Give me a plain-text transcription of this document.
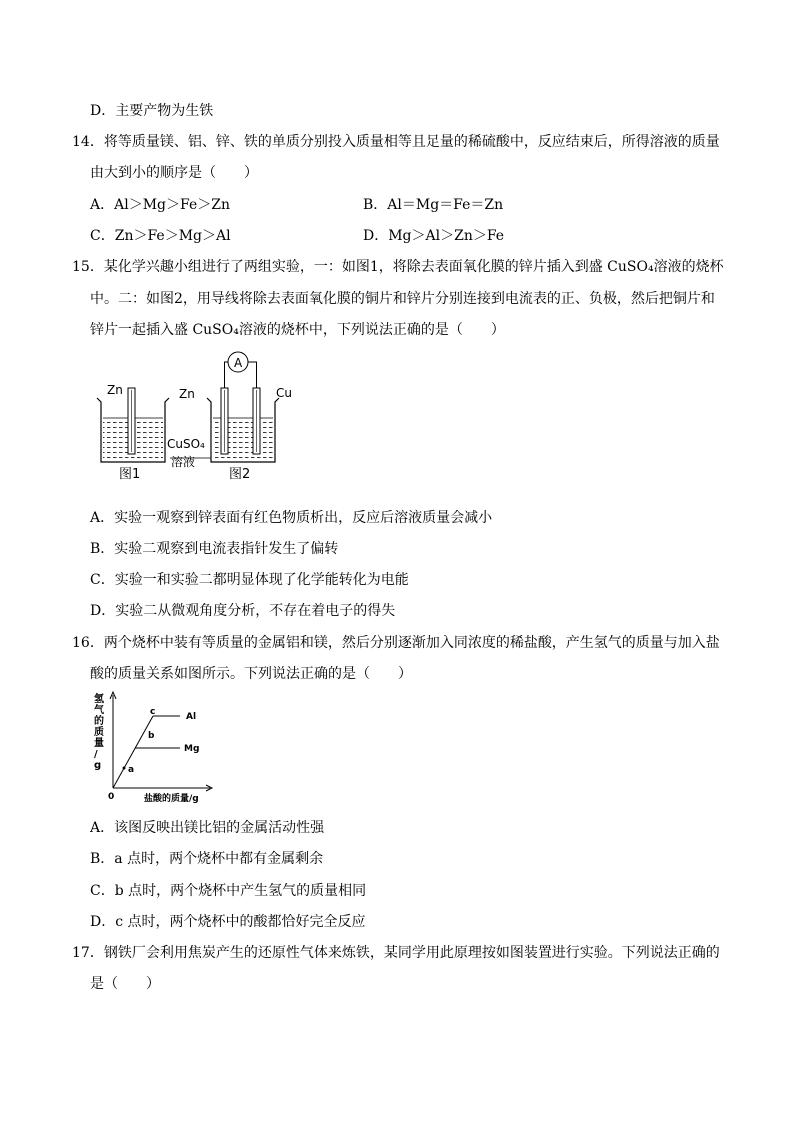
D．主要产物为生铁
14．将等质量镁、铝、锌、铁的单质分别投入质量相等且足量的稀硫酸中，反应结束后，所得溶液的质量
由大到小的顺序是（　　）
A．Al＞Mg＞Fe＞Zn	B．Al＝Mg＝Fe＝Zn
C．Zn＞Fe＞Mg＞Al	D．Mg＞Al＞Zn＞Fe
15．某化学兴趣小组进行了两组实验，一：如图1，将除去表面氧化膜的锌片插入到盛 CuSO₄溶液的烧杯
中。二：如图2，用导线将除去表面氧化膜的铜片和锌片分别连接到电流表的正、负极，然后把铜片和
锌片一起插入盛 CuSO₄溶液的烧杯中，下列说法正确的是（　　）
Zn
图1
A
Zn	Cu
CuSO₄
溶液
图2
A．实验一观察到锌表面有红色物质析出，反应后溶液质量会减小
B．实验二观察到电流表指针发生了偏转
C．实验一和实验二都明显体现了化学能转化为电能
D．实验二从微观角度分析，不存在着电子的得失
16．两个烧杯中装有等质量的金属铝和镁，然后分别逐渐加入同浓度的稀盐酸，产生氢气的质量与加入盐
酸的质量关系如图所示。下列说法正确的是（　　）
氢
气
的
质
量
/
g	a
b
c	Al
Mg
0	盐酸的质量/g
A．该图反映出镁比铝的金属活动性强
B．a 点时，两个烧杯中都有金属剩余
C．b 点时，两个烧杯中产生氢气的质量相同
D．c 点时，两个烧杯中的酸都恰好完全反应
17．钢铁厂会利用焦炭产生的还原性气体来炼铁，某同学用此原理按如图装置进行实验。下列说法正确的
是（　　）
